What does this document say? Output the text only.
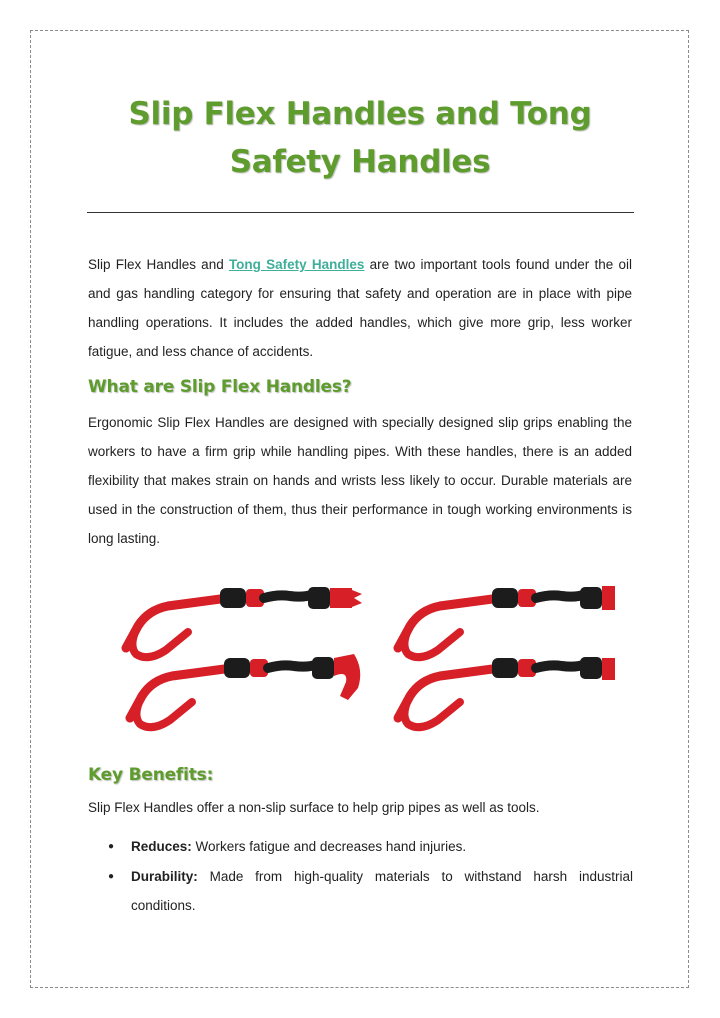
Slip Flex Handles and Tong
Safety Handles

Slip Flex Handles and Tong Safety Handles are two important tools found under the oil and gas handling category for ensuring that safety and operation are in place with pipe handling operations. It includes the added handles, which give more grip, less worker fatigue, and less chance of accidents.

What are Slip Flex Handles?

Ergonomic Slip Flex Handles are designed with specially designed slip grips enabling the workers to have a firm grip while handling pipes. With these handles, there is an added flexibility that makes strain on hands and wrists less likely to occur. Durable materials are used in the construction of them, thus their performance in tough working environments is long lasting.

Key Benefits:

Slip Flex Handles offer a non-slip surface to help grip pipes as well as tools.

● Reduces: Workers fatigue and decreases hand injuries.
● Durability: Made from high-quality materials to withstand harsh industrial conditions.
